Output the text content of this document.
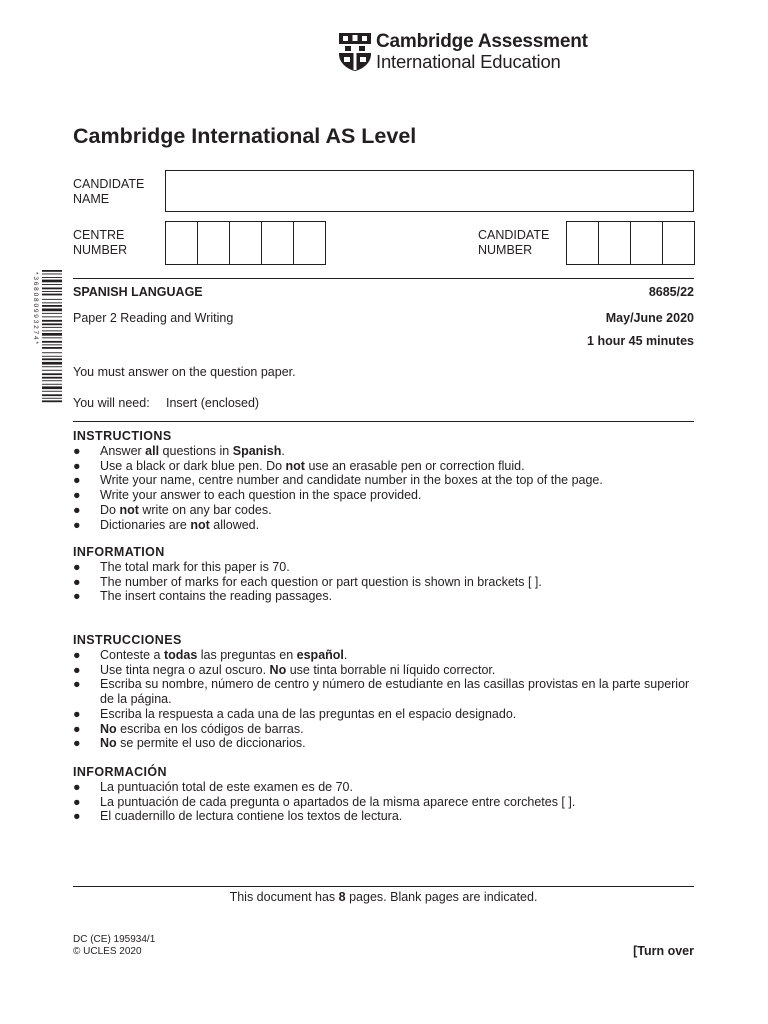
Cambridge Assessment
International Education
Cambridge International AS Level
CANDIDATE
NAME
CENTRE
NUMBER
CANDIDATE
NUMBER
* 3 6 8 0 8 0 9 9 3 2 7 4 *	SPANISH LANGUAGE	8685/22
Paper 2 Reading and Writing	May/June 2020
1 hour 45 minutes
You must answer on the question paper.
You will need: Insert (enclosed)
INSTRUCTIONS
● Answer all questions in Spanish.
● Use a black or dark blue pen. Do not use an erasable pen or correction fluid.
● Write your name, centre number and candidate number in the boxes at the top of the page.
● Write your answer to each question in the space provided.
● Do not write on any bar codes.
● Dictionaries are not allowed.
INFORMATION
● The total mark for this paper is 70.
● The number of marks for each question or part question is shown in brackets [ ].
● The insert contains the reading passages.
INSTRUCCIONES
● Conteste a todas las preguntas en español.
● Use tinta negra o azul oscuro. No use tinta borrable ni líquido corrector.
● Escriba su nombre, número de centro y número de estudiante en las casillas provistas en la parte superior de la página.
● Escriba la respuesta a cada una de las preguntas en el espacio designado.
● No escriba en los códigos de barras.
● No se permite el uso de diccionarios.
INFORMACIÓN
● La puntuación total de este examen es de 70.
● La puntuación de cada pregunta o apartados de la misma aparece entre corchetes [ ].
● El cuadernillo de lectura contiene los textos de lectura.
This document has 8 pages. Blank pages are indicated.
DC (CE) 195934/1
© UCLES 2020	[Turn over
